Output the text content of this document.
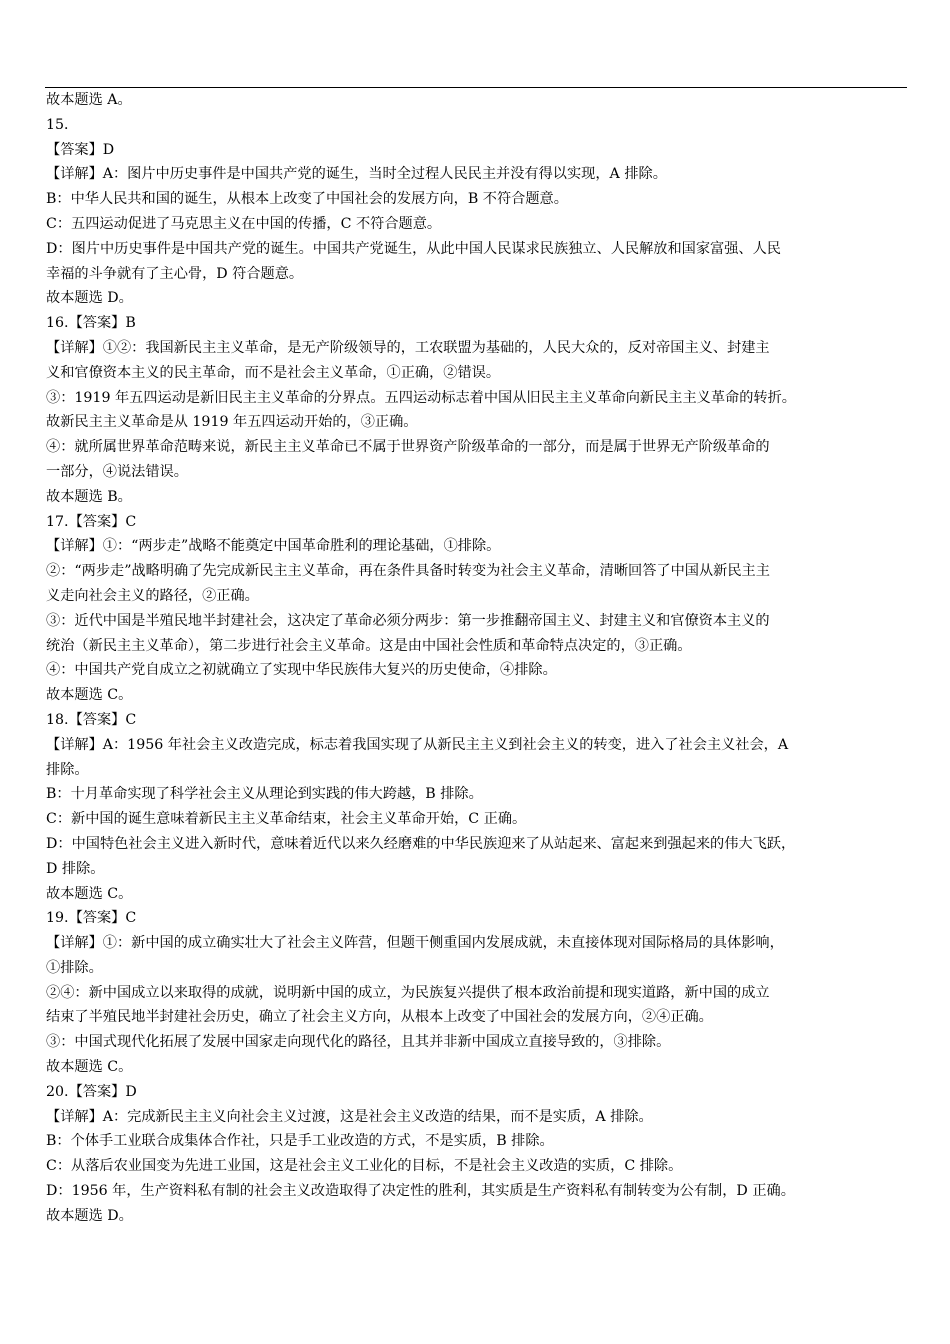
故本题选 A。
15．
【答案】D
【详解】A：图片中历史事件是中国共产党的诞生，当时全过程人民民主并没有得以实现，A 排除。
B：中华人民共和国的诞生，从根本上改变了中国社会的发展方向，B 不符合题意。
C：五四运动促进了马克思主义在中国的传播，C 不符合题意。
D：图片中历史事件是中国共产党的诞生。中国共产党诞生，从此中国人民谋求民族独立、人民解放和国家富强、人民
幸福的斗争就有了主心骨，D 符合题意。
故本题选 D。
16.【答案】B
【详解】①②：我国新民主主义革命，是无产阶级领导的，工农联盟为基础的，人民大众的，反对帝国主义、封建主
义和官僚资本主义的民主革命，而不是社会主义革命，①正确，②错误。
③：1919 年五四运动是新旧民主主义革命的分界点。五四运动标志着中国从旧民主主义革命向新民主主义革命的转折。
故新民主主义革命是从 1919 年五四运动开始的，③正确。
④：就所属世界革命范畴来说，新民主主义革命已不属于世界资产阶级革命的一部分，而是属于世界无产阶级革命的
一部分，④说法错误。
故本题选 B。
17.【答案】C
【详解】①：“两步走”战略不能奠定中国革命胜利的理论基础，①排除。
②：“两步走”战略明确了先完成新民主主义革命，再在条件具备时转变为社会主义革命，清晰回答了中国从新民主主
义走向社会主义的路径，②正确。
③：近代中国是半殖民地半封建社会，这决定了革命必须分两步：第一步推翻帝国主义、封建主义和官僚资本主义的
统治（新民主主义革命），第二步进行社会主义革命。这是由中国社会性质和革命特点决定的，③正确。
④：中国共产党自成立之初就确立了实现中华民族伟大复兴的历史使命，④排除。
故本题选 C。
18.【答案】C
【详解】A：1956 年社会主义改造完成，标志着我国实现了从新民主主义到社会主义的转变，进入了社会主义社会，A
排除。
B：十月革命实现了科学社会主义从理论到实践的伟大跨越，B 排除。
C：新中国的诞生意味着新民主主义革命结束，社会主义革命开始，C 正确。
D：中国特色社会主义进入新时代，意味着近代以来久经磨难的中华民族迎来了从站起来、富起来到强起来的伟大飞跃，
D 排除。
故本题选 C。
19.【答案】C
【详解】①：新中国的成立确实壮大了社会主义阵营，但题干侧重国内发展成就，未直接体现对国际格局的具体影响，
①排除。
②④：新中国成立以来取得的成就，说明新中国的成立，为民族复兴提供了根本政治前提和现实道路，新中国的成立
结束了半殖民地半封建社会历史，确立了社会主义方向，从根本上改变了中国社会的发展方向，②④正确。
③：中国式现代化拓展了发展中国家走向现代化的路径，且其并非新中国成立直接导致的，③排除。
故本题选 C。
20.【答案】D
【详解】A：完成新民主主义向社会主义过渡，这是社会主义改造的结果，而不是实质，A 排除。
B：个体手工业联合成集体合作社，只是手工业改造的方式，不是实质，B 排除。
C：从落后农业国变为先进工业国，这是社会主义工业化的目标，不是社会主义改造的实质，C 排除。
D：1956 年，生产资料私有制的社会主义改造取得了决定性的胜利，其实质是生产资料私有制转变为公有制，D 正确。
故本题选 D。
